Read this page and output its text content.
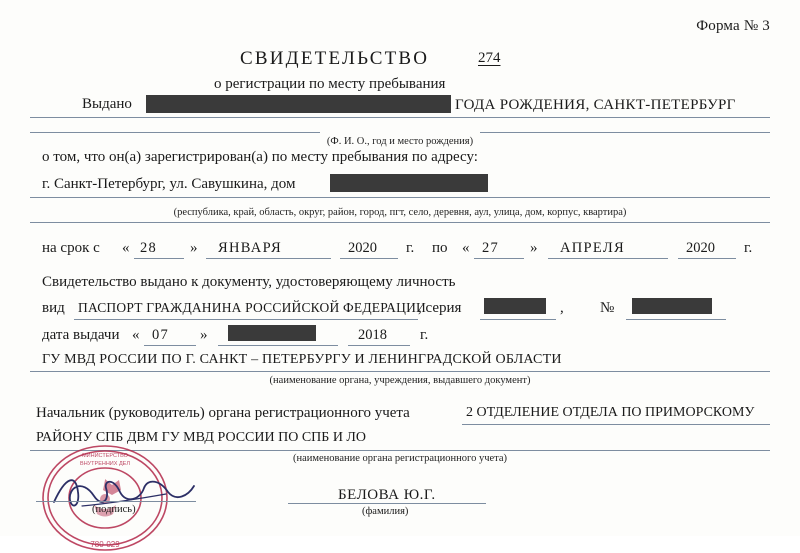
Форма № 3
СВИДЕТЕЛЬСТВО	274
о регистрации по месту пребывания
Выдано	ГОДА РОЖДЕНИЯ, САНКТ-ПЕТЕРБУРГ
(Ф. И. О., год и место рождения)
о том, что он(а) зарегистрирован(а) по месту пребывания по адресу:
г. Санкт-Петербург, ул. Савушкина, дом
(республика, край, область, округ, район, город, пгт, село, деревня, аул, улица, дом, корпус, квартира)
на срок с « 28 » ЯНВАРЯ	2020 г. по « 27 » АПРЕЛЯ	2020 г.
Свидетельство выдано к документу, удостоверяющему личность
вид ПАСПОРТ ГРАЖДАНИНА РОССИЙСКОЙ ФЕДЕРАЦИИ
, серия	, №
дата выдачи « 07 »	2018 г.
ГУ МВД РОССИИ ПО Г. САНКТ – ПЕТЕРБУРГУ И ЛЕНИНГРАДСКОЙ ОБЛАСТИ
(наименование органа, учреждения, выдавшего документ)
Начальник (руководитель) органа регистрационного учета	2 ОТДЕЛЕНИЕ ОТДЕЛА ПО ПРИМОРСКОМУ
РАЙОНУ СПБ ДВМ ГУ МВД РОССИИ ПО СПБ И ЛО
(наименование органа регистрационного учета)
МИНИСТЕРСТВО
ВНУТРЕННИХ ДЕЛ
780-029
(подпись)
БЕЛОВА Ю.Г.
(фамилия)
